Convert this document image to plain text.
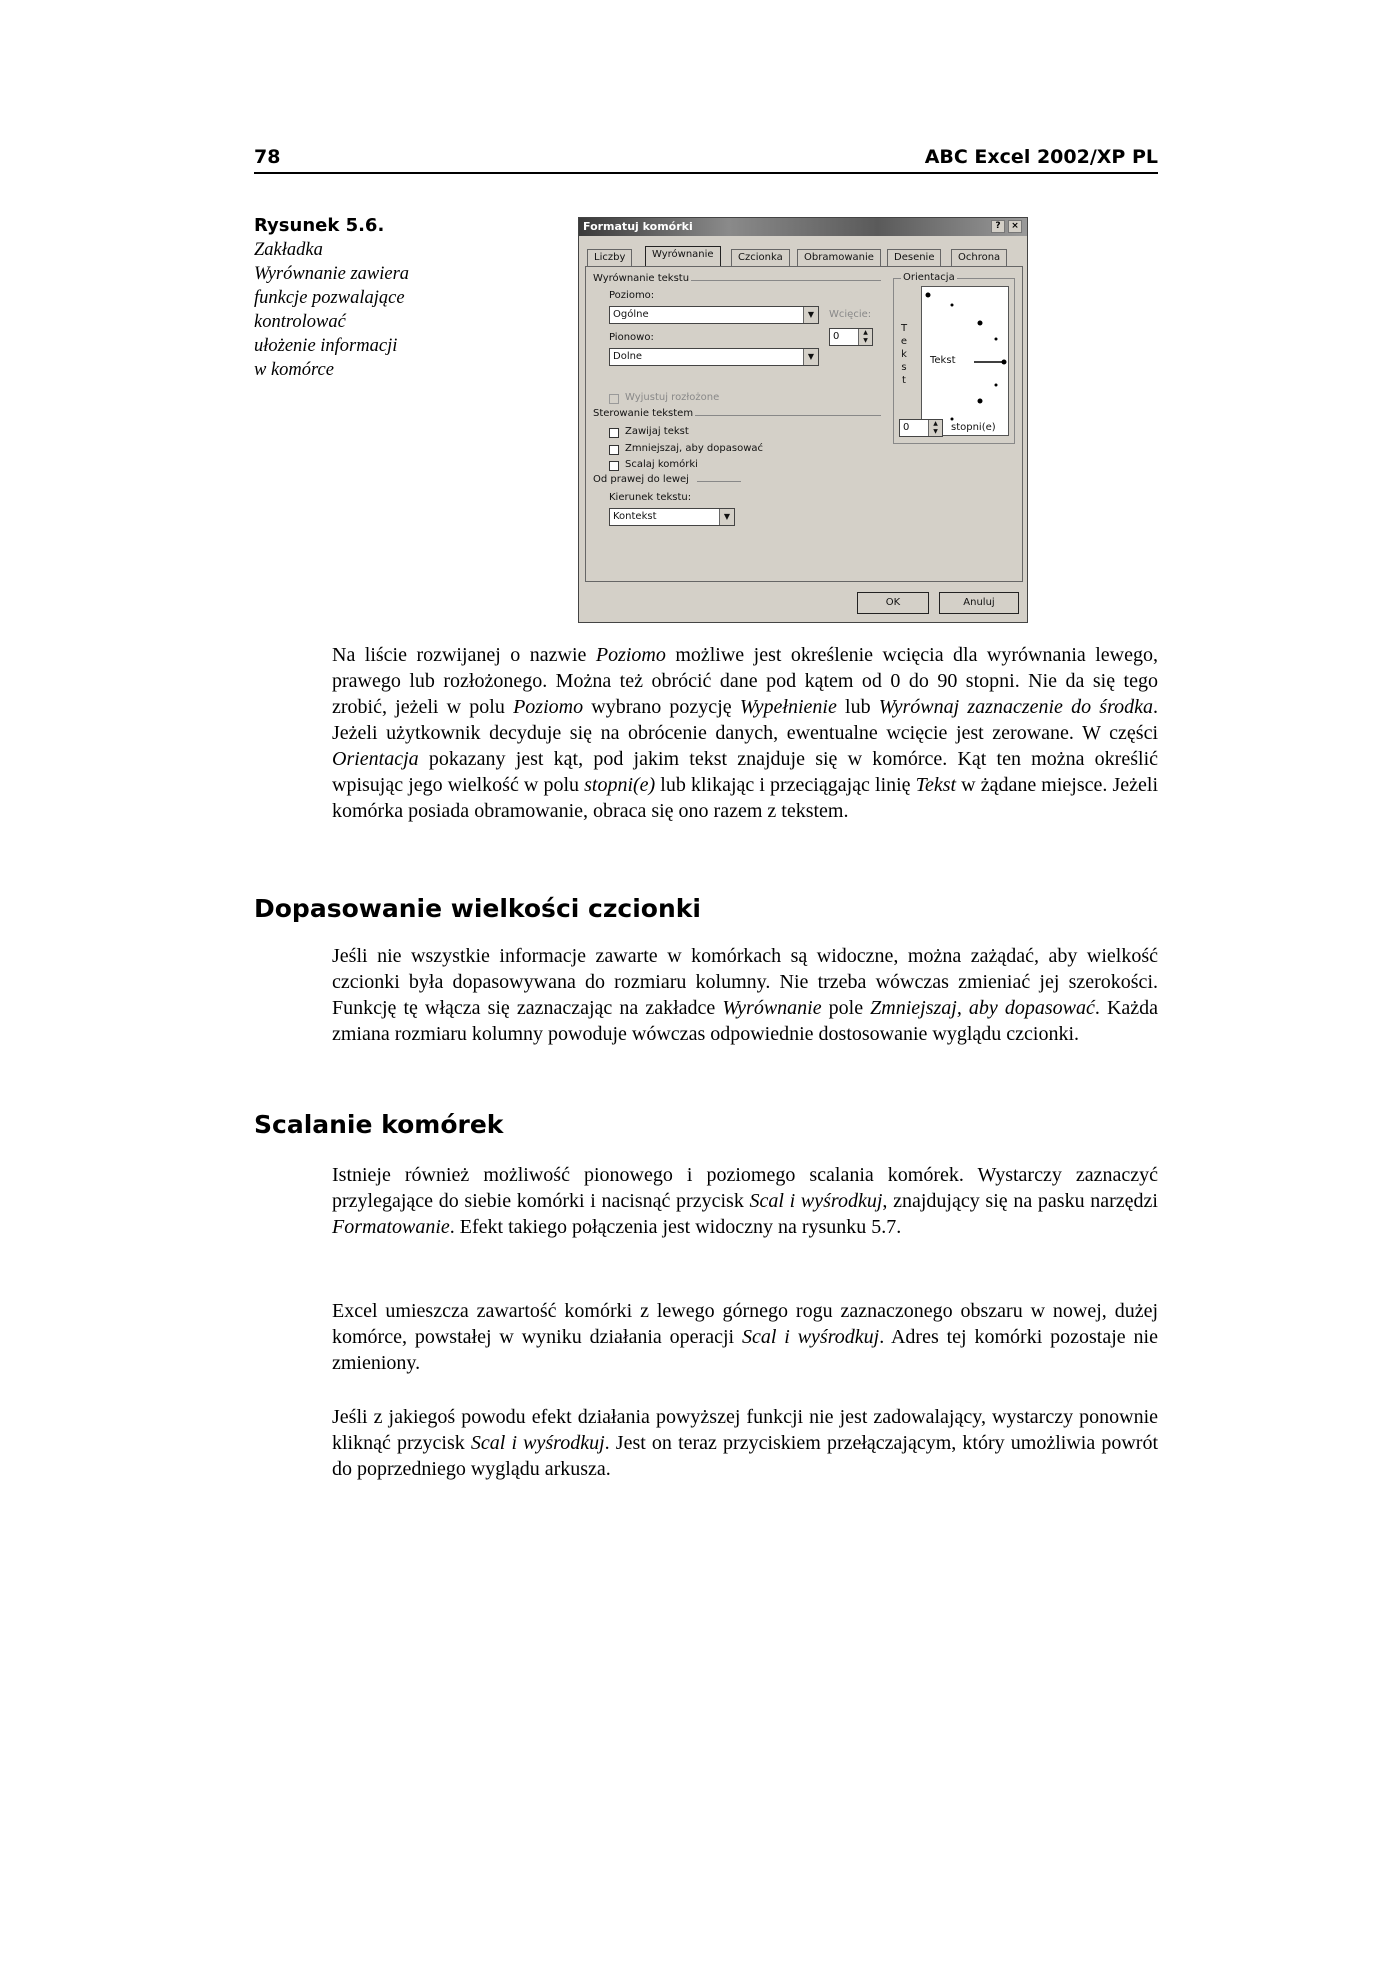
78	ABC Excel 2002/XP PL
Rysunek 5.6.
Zakładka
Wyrównanie zawiera
funkcje pozwalające
kontrolować
ułożenie informacji
w komórce
Formatuj komórki	?	×
Liczby	Wyrównanie	Czcionka	Obramowanie	Desenie	Ochrona
Wyrównanie tekstu
Poziomo:
Ogólne	▼	Wcięcie:
Pionowo:	0	▲
▼
Dolne	▼
Wyjustuj rozłożone
Sterowanie tekstem
Zawijaj tekst
Zmniejszaj, aby dopasować
Scalaj komórki
Od prawej do lewej
Kierunek tekstu:
Kontekst	▼
Orientacja
T
e
k
s
t
Tekst
0	▲
▼	stopni(e)
OK	Anuluj

Na liście rozwijanej o nazwie Poziomo możliwe jest określenie wcięcia dla wyrównania lewego, prawego lub rozłożonego. Można też obrócić dane pod kątem od 0 do 90 stopni. Nie da się tego zrobić, jeżeli w polu Poziomo wybrano pozycję Wypełnienie lub Wyrównaj zaznaczenie do środka. Jeżeli użytkownik decyduje się na obrócenie danych, ewentualne wcięcie jest zerowane. W części Orientacja pokazany jest kąt, pod jakim tekst znajduje się w komórce. Kąt ten można określić wpisując jego wielkość w polu stopni(e) lub klikając i przeciągając linię Tekst w żądane miejsce. Jeżeli komórka posiada obramowanie, obraca się ono razem z tekstem.

Dopasowanie wielkości czcionki

Jeśli nie wszystkie informacje zawarte w komórkach są widoczne, można zażądać, aby wielkość czcionki była dopasowywana do rozmiaru kolumny. Nie trzeba wówczas zmieniać jej szerokości. Funkcję tę włącza się zaznaczając na zakładce Wyrównanie pole Zmniejszaj, aby dopasować. Każda zmiana rozmiaru kolumny powoduje wówczas odpowiednie dostosowanie wyglądu czcionki.

Scalanie komórek

Istnieje również możliwość pionowego i poziomego scalania komórek. Wystarczy zaznaczyć przylegające do siebie komórki i nacisnąć przycisk Scal i wyśrodkuj, znajdujący się na pasku narzędzi Formatowanie. Efekt takiego połączenia jest widoczny na rysunku 5.7.

Excel umieszcza zawartość komórki z lewego górnego rogu zaznaczonego obszaru w nowej, dużej komórce, powstałej w wyniku działania operacji Scal i wyśrodkuj. Adres tej komórki pozostaje nie zmieniony.

Jeśli z jakiegoś powodu efekt działania powyższej funkcji nie jest zadowalający, wystarczy ponownie kliknąć przycisk Scal i wyśrodkuj. Jest on teraz przyciskiem przełączającym, który umożliwia powrót do poprzedniego wyglądu arkusza.
